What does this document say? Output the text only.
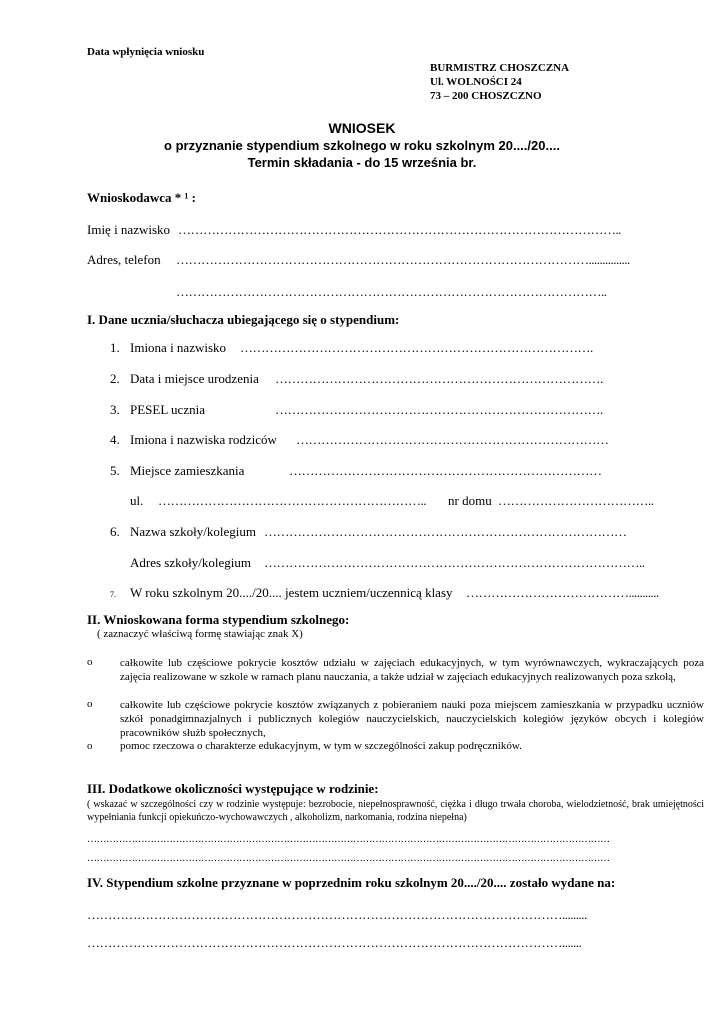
Data wpłynięcia wniosku
BURMISTRZ CHOSZCZNA
Ul. WOLNOŚCI 24
73 – 200 CHOSZCZNO
WNIOSEK
o przyznanie stypendium szkolnego w roku szkolnym 20..../20....
Termin składania - do 15 września br.
Wnioskodawca * ¹ :
Imię i nazwisko ……………………………………………………………………………………………..
Adres, telefon ………………………………………………………………………………………...............
…………………………………………………………………………………………..
I. Dane ucznia/słuchacza ubiegającego się o stypendium:
1. Imiona i nazwisko ………………………………………………………………………….
2. Data i miejsce urodzenia …………………………………………………………………….
3. PESEL ucznia	…………………………………………………………………….
4. Imiona i nazwiska rodziców …………………………………………………………………
5. Miejsce zamieszkania	…………………………………………………………………
ul. ……………………………………………………….. nr domu ………………………………..
6. Nazwa szkoły/kolegium ……………………………………………………………………………
Adres szkoły/kolegium ………………………………………………………………………………..
7. W roku szkolnym 20..../20.... jestem uczniem/uczennicą klasy …………………………………...........
II. Wnioskowana forma stypendium szkolnego:
( zaznaczyć właściwą formę stawiając znak X)
o	całkowite lub częściowe pokrycie kosztów udziału w zajęciach edukacyjnych, w tym wyrównawczych, wykraczających poza zajęcia realizowane w szkole w ramach planu nauczania, a także udział w zajęciach edukacyjnych realizowanych poza szkołą,
o	całkowite lub częściowe pokrycie kosztów związanych z pobieraniem nauki poza miejscem zamieszkania w przypadku uczniów szkół ponadgimnazjalnych i publicznych kolegiów nauczycielskich, nauczycielskich kolegiów języków obcych i kolegiów pracowników służb społecznych,
o	pomoc rzeczowa o charakterze edukacyjnym, w tym w szczególności zakup podręczników.
III. Dodatkowe okoliczności występujące w rodzinie:
( wskazać w szczególności czy w rodzinie występuje: bezrobocie, niepełnosprawność, ciężka i długo trwała choroba, wielodzietność, brak umiejętności wypełniania funkcji opiekuńczo-wychowawczych , alkoholizm, narkomania, rodzina niepełna)
…………………………………………………………………………………………………………………………………………………
…………………………………………………………………………………………………………………………………………………
IV. Stypendium szkolne przyznane w poprzednim roku szkolnym 20..../20.... zostało wydane na:
…………………………………………………………………………………………………….........
…………………………………………………………………………………………………….......
